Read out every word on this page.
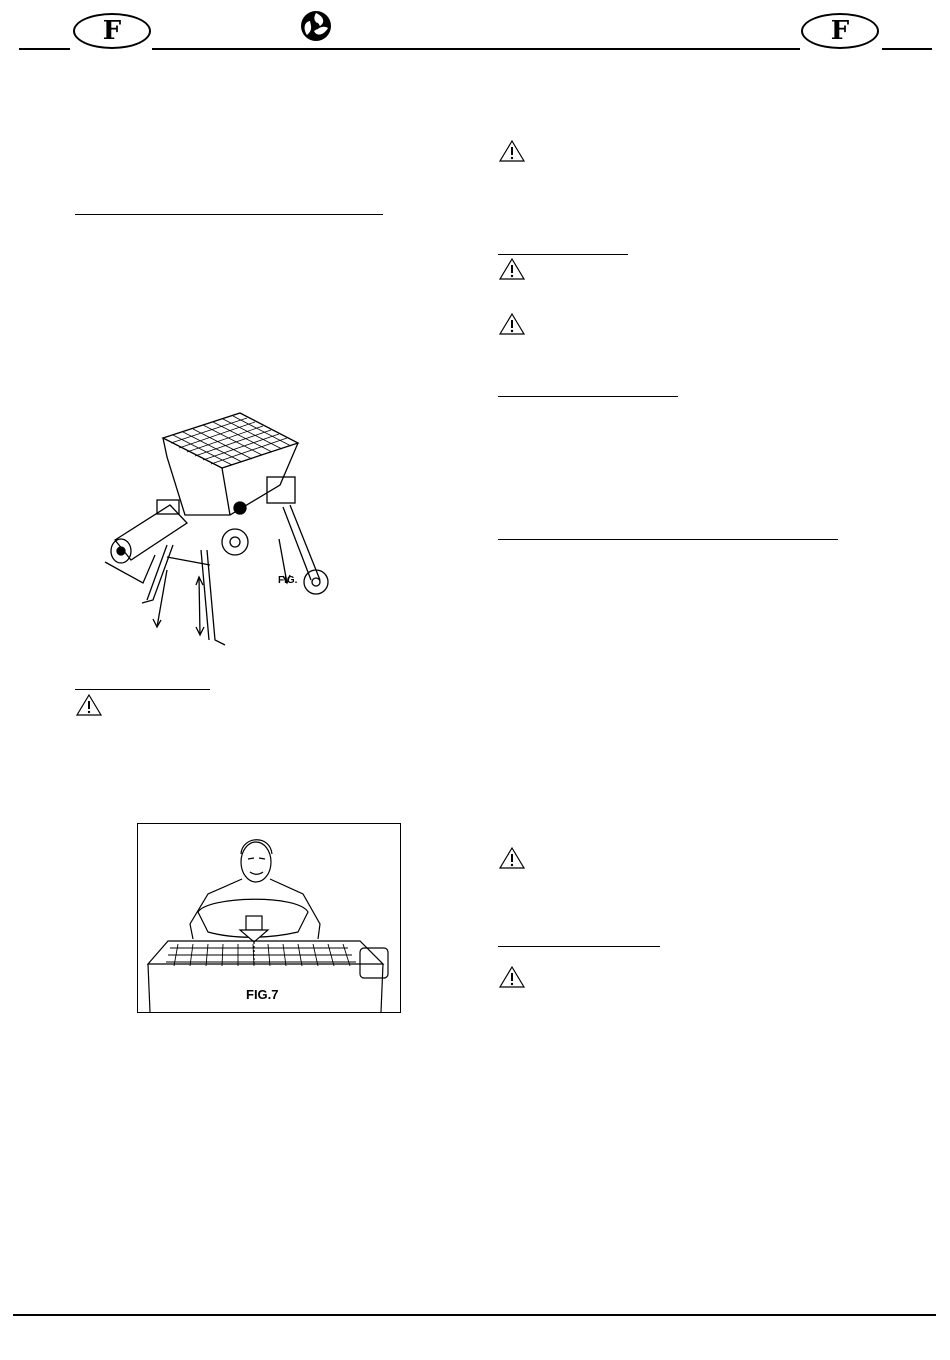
F	F
FIG.
FIG.7
